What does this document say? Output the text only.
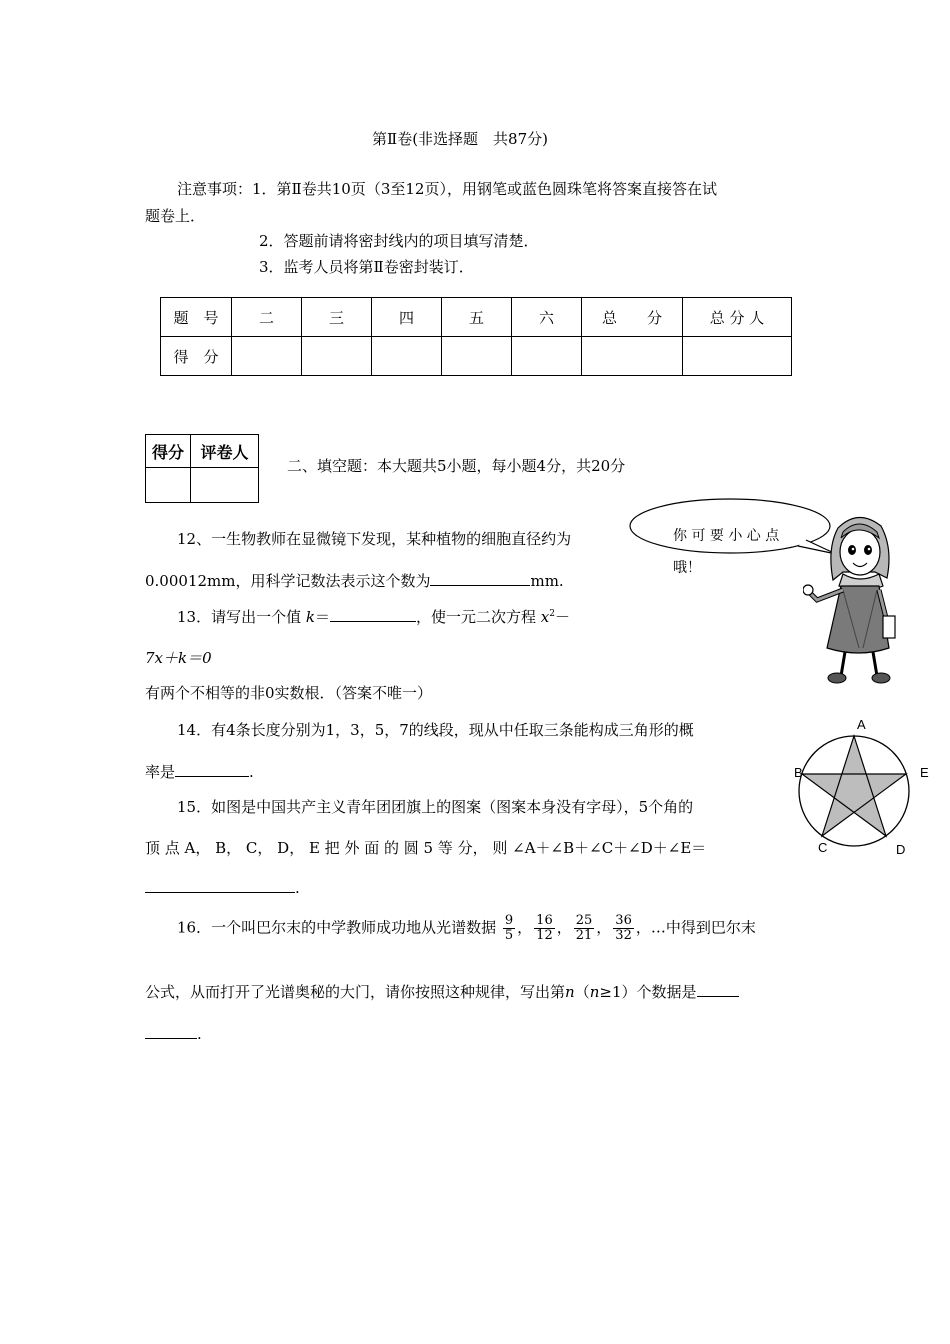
第Ⅱ卷(非选择题　共87分)
注意事项：1．第Ⅱ卷共10页（3至12页），用钢笔或蓝色圆珠笔将答案直接答在试
题卷上．
2．答题前请将密封线内的项目填写清楚．
3．监考人员将第Ⅱ卷密封装订．
题　号	二	三	四	五	六	总　　分	总 分 人
得　分							
得分	评卷人

二、填空题：本大题共5小题，每小题4分，共20分
你 可 要 小 心 点
哦！
12、一生物教师在显微镜下发现，某种植物的细胞直径约为
0.00012mm，用科学记数法表示这个数为	mm.
13．请写出一个值 k＝	，使一元二次方程 $x^2-$
7x＋k＝0
有两个不相等的非0实数根．（答案不唯一）
14．有4条长度分别为1，3，5，7的线段，现从中任取三条能构成三角形的概
率是	.
A
B	E
C	D
15．如图是中国共产主义青年团团旗上的图案（图案本身没有字母），5个角的
顶 点 A， B， C， D， E 把 外 面 的 圆 5 等 分， 则 ∠A＋∠B＋∠C＋∠D＋∠E＝
.
16．一个叫巴尔末的中学教师成功地从光谱数据 $\frac{9}{5}$ ， $\frac{16}{12}$ ， $\frac{25}{21}$ ， $\frac{36}{32}$ ，…中得到巴尔末
公式，从而打开了光谱奥秘的大门，请你按照这种规律，写出第n（n≥1）个数据是
.
